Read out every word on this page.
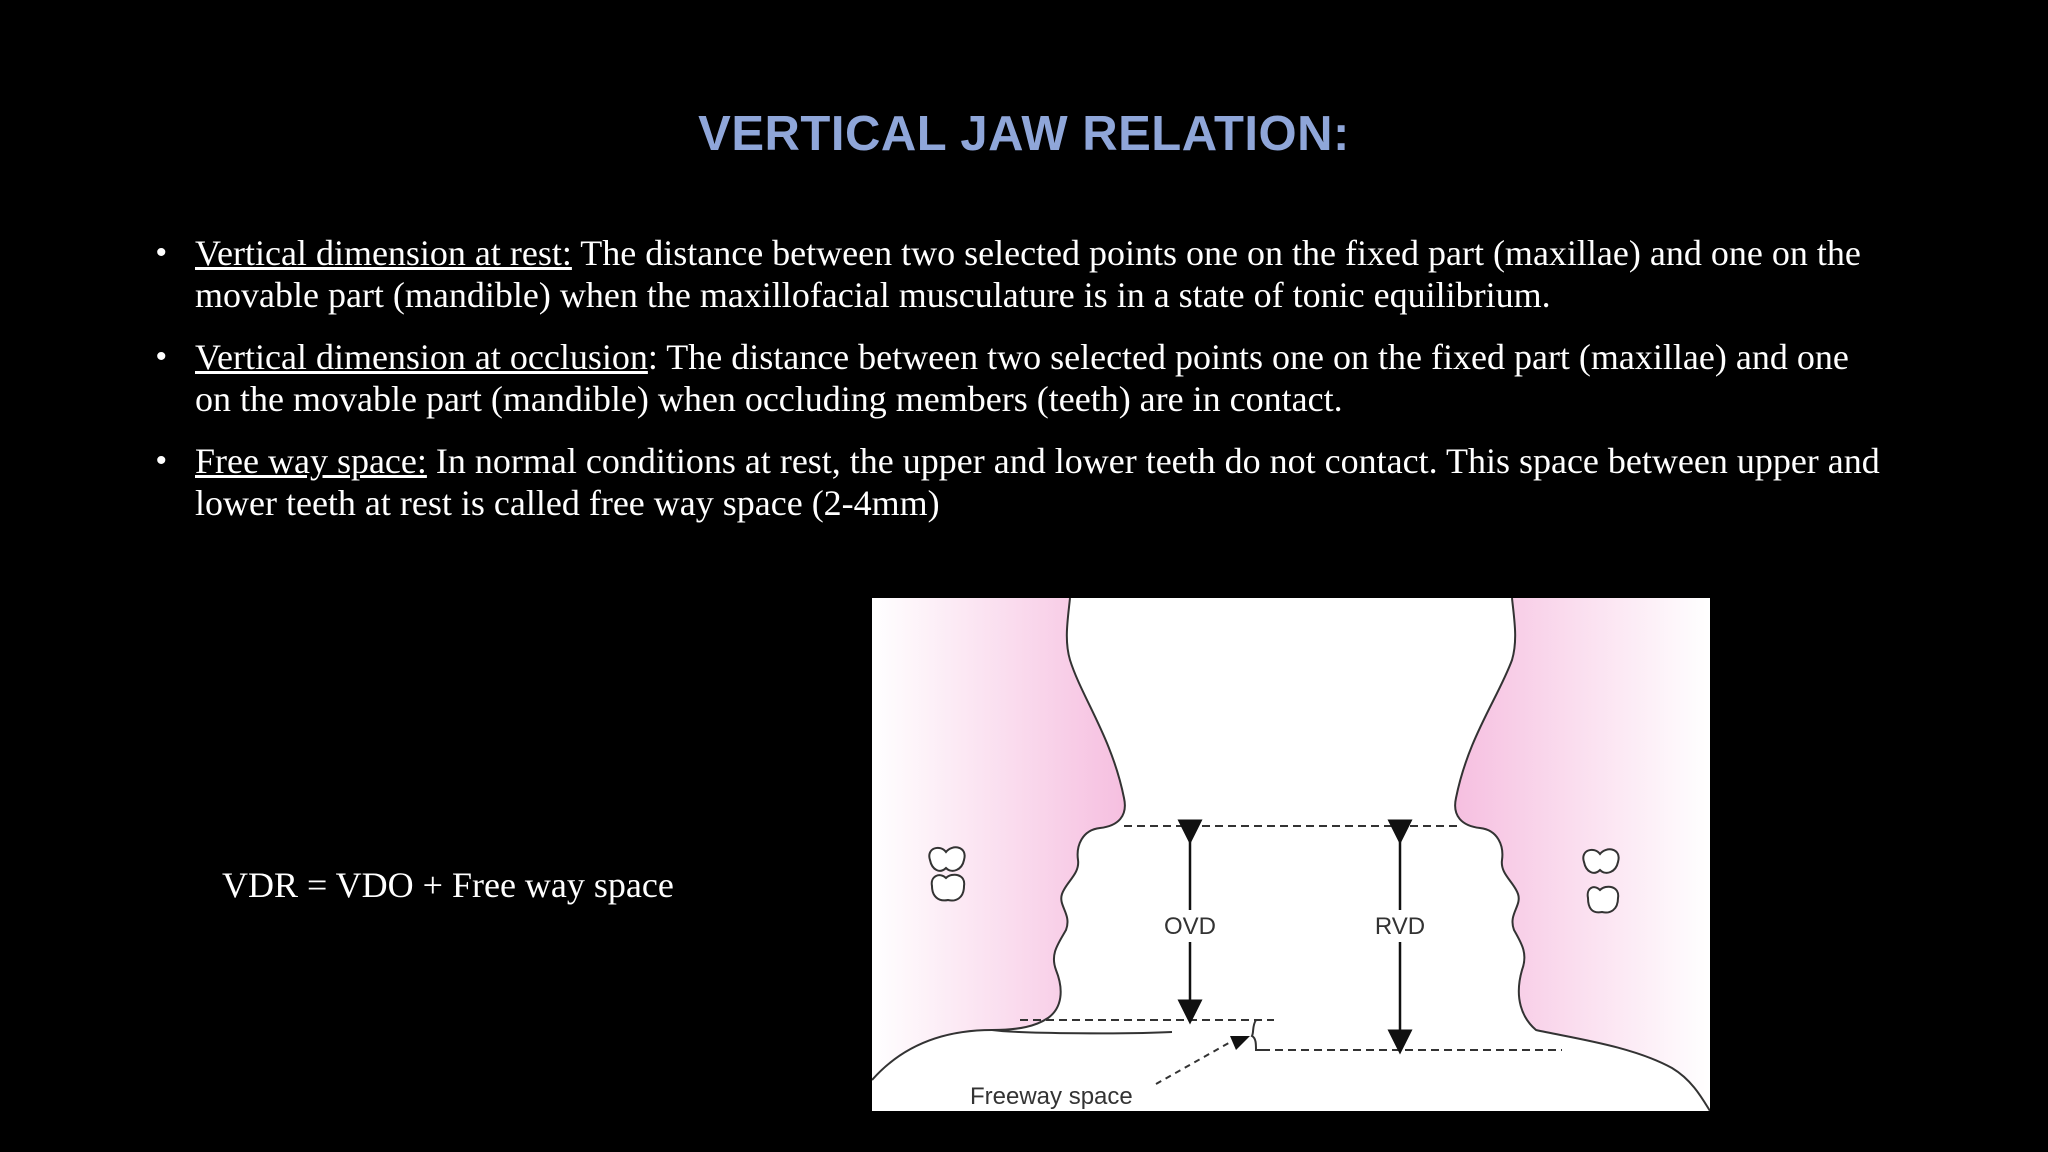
VERTICAL JAW RELATION:
• Vertical dimension at rest: The distance between two selected points one on the fixed part (maxillae) and one on the movable part (mandible) when the maxillofacial musculature is in a state of tonic equilibrium.
• Vertical dimension at occlusion: The distance between two selected points one on the fixed part (maxillae) and one on the movable part (mandible) when occluding members (teeth) are in contact.
• Free way space: In normal conditions at rest, the upper and lower teeth do not contact. This space between upper and lower teeth at rest is called free way space (2-4mm)
VDR = VDO + Free way space
OVD	RVD
Freeway space
